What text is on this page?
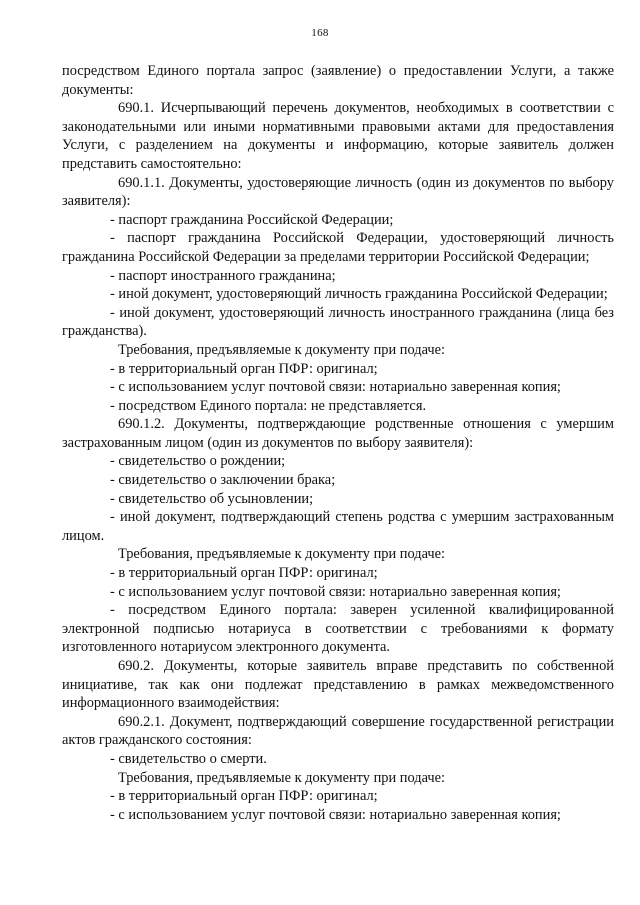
168

посредством Единого портала запрос (заявление) о предоставлении Услуги, а также документы:

690.1. Исчерпывающий перечень документов, необходимых в соответствии с законодательными или иными нормативными правовыми актами для предоставления Услуги, с разделением на документы и информацию, которые заявитель должен представить самостоятельно:

690.1.1. Документы, удостоверяющие личность (один из документов по выбору заявителя):

- паспорт гражданина Российской Федерации;

- паспорт гражданина Российской Федерации, удостоверяющий личность гражданина Российской Федерации за пределами территории Российской Федерации;

- паспорт иностранного гражданина;

- иной документ, удостоверяющий личность гражданина Российской Федерации;

- иной документ, удостоверяющий личность иностранного гражданина (лица без гражданства).

Требования, предъявляемые к документу при подаче:

- в территориальный орган ПФР: оригинал;

- с использованием услуг почтовой связи: нотариально заверенная копия;

- посредством Единого портала: не представляется.

690.1.2. Документы, подтверждающие родственные отношения с умершим застрахованным лицом (один из документов по выбору заявителя):

- свидетельство о рождении;

- свидетельство о заключении брака;

- свидетельство об усыновлении;

- иной документ, подтверждающий степень родства с умершим застрахованным лицом.

Требования, предъявляемые к документу при подаче:

- в территориальный орган ПФР: оригинал;

- с использованием услуг почтовой связи: нотариально заверенная копия;

- посредством Единого портала: заверен усиленной квалифицированной электронной подписью нотариуса в соответствии с требованиями к формату изготовленного нотариусом электронного документа.

690.2. Документы, которые заявитель вправе представить по собственной инициативе, так как они подлежат представлению в рамках межведомственного информационного взаимодействия:

690.2.1. Документ, подтверждающий совершение государственной регистрации актов гражданского состояния:

- свидетельство о смерти.

Требования, предъявляемые к документу при подаче:

- в территориальный орган ПФР: оригинал;

- с использованием услуг почтовой связи: нотариально заверенная копия;
